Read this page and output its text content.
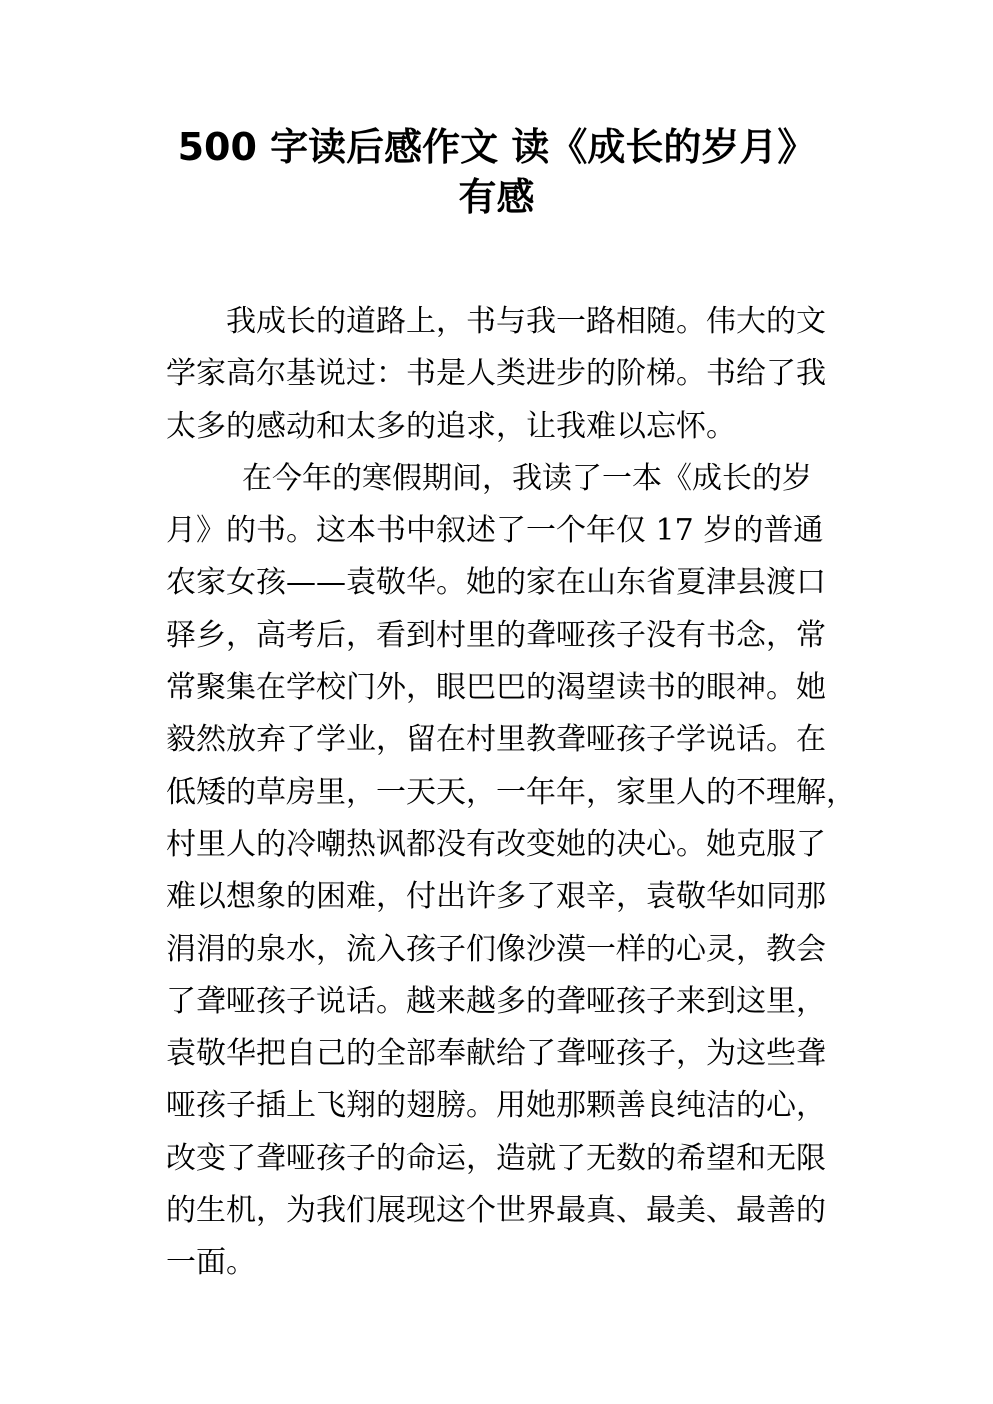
500 字读后感作文 读《成长的岁月》
有感
我成长的道路上，书与我一路相随。伟大的文
学家高尔基说过：书是人类进步的阶梯。书给了我
太多的感动和太多的追求，让我难以忘怀。
在今年的寒假期间，我读了一本《成长的岁
月》的书。这本书中叙述了一个年仅 17 岁的普通
农家女孩——袁敬华。她的家在山东省夏津县渡口
驿乡，高考后，看到村里的聋哑孩子没有书念，常
常聚集在学校门外，眼巴巴的渴望读书的眼神。她
毅然放弃了学业，留在村里教聋哑孩子学说话。在
低矮的草房里，一天天，一年年，家里人的不理解，
村里人的冷嘲热讽都没有改变她的决心。她克服了
难以想象的困难，付出许多了艰辛，袁敬华如同那
涓涓的泉水，流入孩子们像沙漠一样的心灵，教会
了聋哑孩子说话。越来越多的聋哑孩子来到这里，
袁敬华把自己的全部奉献给了聋哑孩子，为这些聋
哑孩子插上飞翔的翅膀。用她那颗善良纯洁的心，
改变了聋哑孩子的命运，造就了无数的希望和无限
的生机，为我们展现这个世界最真、最美、最善的
一面。
